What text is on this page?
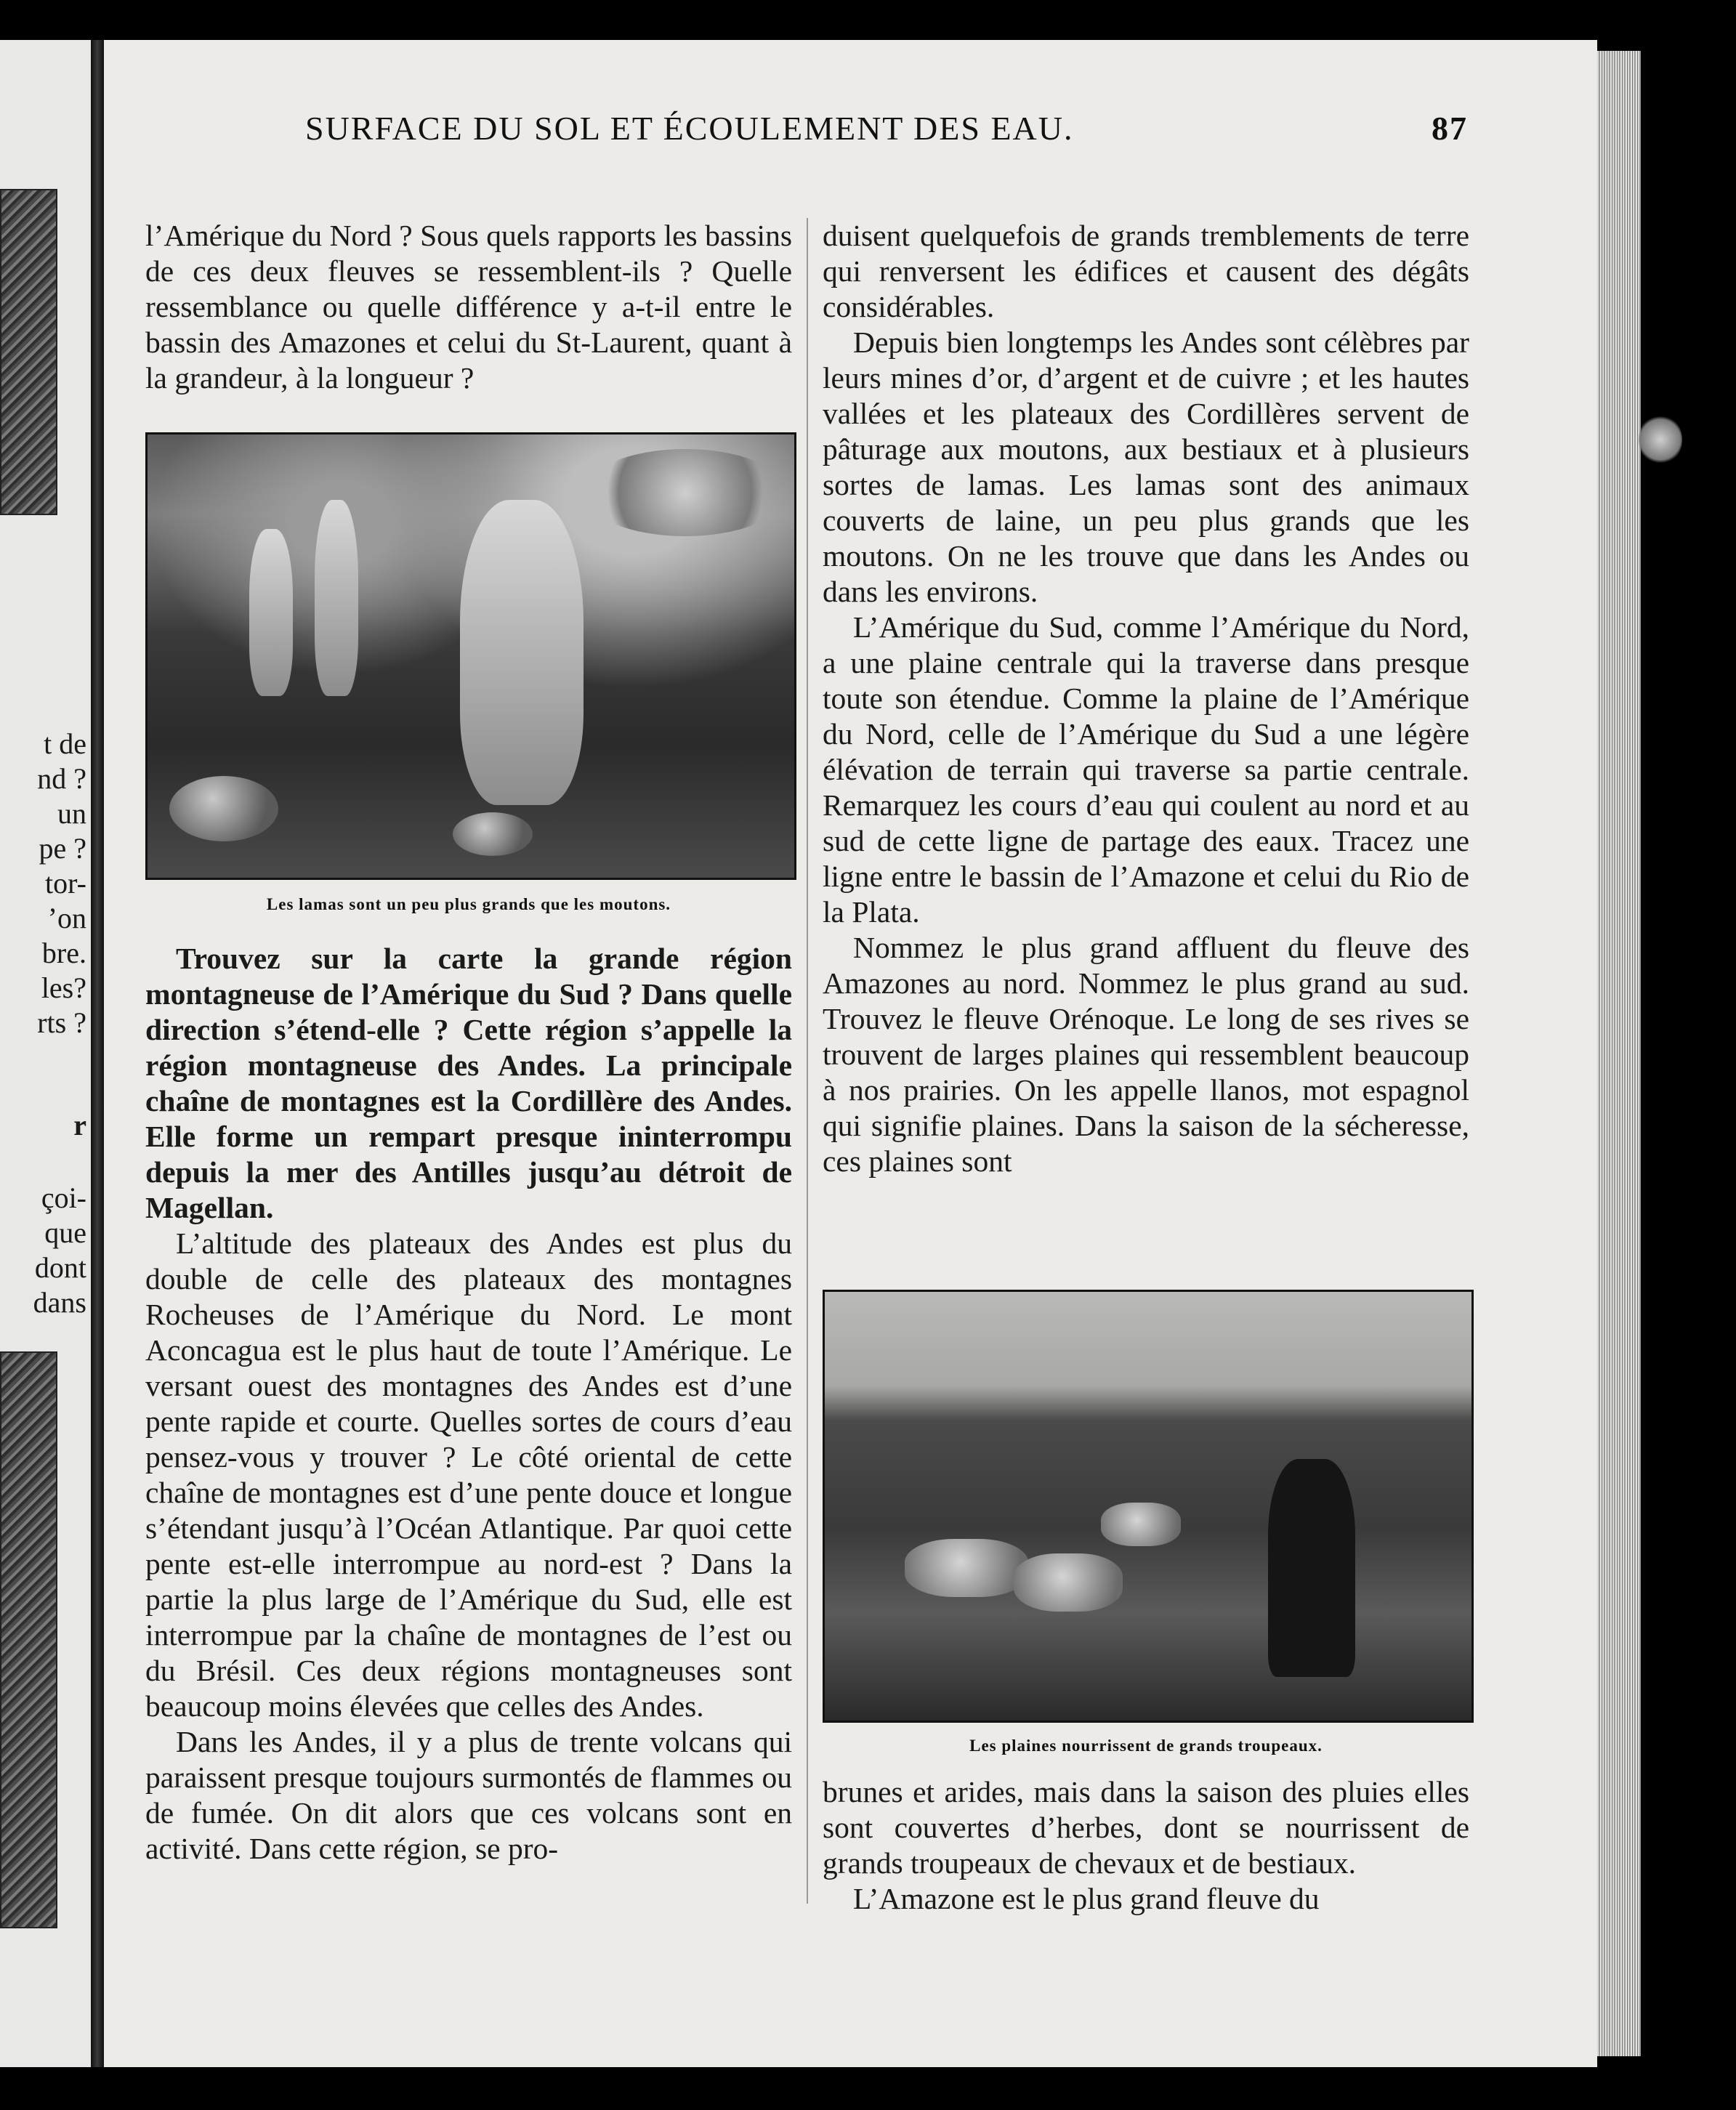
t de
nd ?
un
pe ?
tor-
’on
bre.
les?
rts ?
r
çoi-
que
dont
dans
SURFACE DU SOL ET ÉCOULEMENT DES EAU.	87

l’Amérique du Nord ? Sous quels rapports les bassins de ces deux fleuves se ressemblent-ils ? Quelle ressemblance ou quelle différence y a-t-il entre le bassin des Amazones et celui du St-Laurent, quant à la grandeur, à la longueur ?

Les lamas sont un peu plus grands que les moutons.

Trouvez sur la carte la grande région montagneuse de l’Amérique du Sud ? Dans quelle direction s’étend-elle ? Cette région s’appelle la région montagneuse des Andes. La principale chaîne de montagnes est la Cordillère des Andes. Elle forme un rempart presque ininterrompu depuis la mer des Antilles jusqu’au détroit de Magellan.

L’altitude des plateaux des Andes est plus du double de celle des plateaux des montagnes Rocheuses de l’Amérique du Nord. Le mont Aconcagua est le plus haut de toute l’Amérique. Le versant ouest des montagnes des Andes est d’une pente rapide et courte. Quelles sortes de cours d’eau pensez-vous y trouver ? Le côté oriental de cette chaîne de montagnes est d’une pente douce et longue s’étendant jusqu’à l’Océan Atlantique. Par quoi cette pente est-elle interrompue au nord-est ? Dans la partie la plus large de l’Amérique du Sud, elle est interrompue par la chaîne de montagnes de l’est ou du Brésil. Ces deux régions montagneuses sont beaucoup moins élevées que celles des Andes.

Dans les Andes, il y a plus de trente volcans qui paraissent presque toujours surmontés de flammes ou de fumée. On dit alors que ces volcans sont en activité. Dans cette région, se pro-

duisent quelquefois de grands tremblements de terre qui renversent les édifices et causent des dégâts considérables.

Depuis bien longtemps les Andes sont célèbres par leurs mines d’or, d’argent et de cuivre ; et les hautes vallées et les plateaux des Cordillères servent de pâturage aux moutons, aux bestiaux et à plusieurs sortes de lamas. Les lamas sont des animaux couverts de laine, un peu plus grands que les moutons. On ne les trouve que dans les Andes ou dans les environs.

L’Amérique du Sud, comme l’Amérique du Nord, a une plaine centrale qui la traverse dans presque toute son étendue. Comme la plaine de l’Amérique du Nord, celle de l’Amérique du Sud a une légère élévation de terrain qui traverse sa partie centrale. Remarquez les cours d’eau qui coulent au nord et au sud de cette ligne de partage des eaux. Tracez une ligne entre le bassin de l’Amazone et celui du Rio de la Plata.

Nommez le plus grand affluent du fleuve des Amazones au nord. Nommez le plus grand au sud. Trouvez le fleuve Orénoque. Le long de ses rives se trouvent de larges plaines qui ressemblent beaucoup à nos prairies. On les appelle llanos, mot espagnol qui signifie plaines. Dans la saison de la sécheresse, ces plaines sont

Les plaines nourrissent de grands troupeaux.

brunes et arides, mais dans la saison des pluies elles sont couvertes d’herbes, dont se nourrissent de grands troupeaux de chevaux et de bestiaux.

L’Amazone est le plus grand fleuve du
